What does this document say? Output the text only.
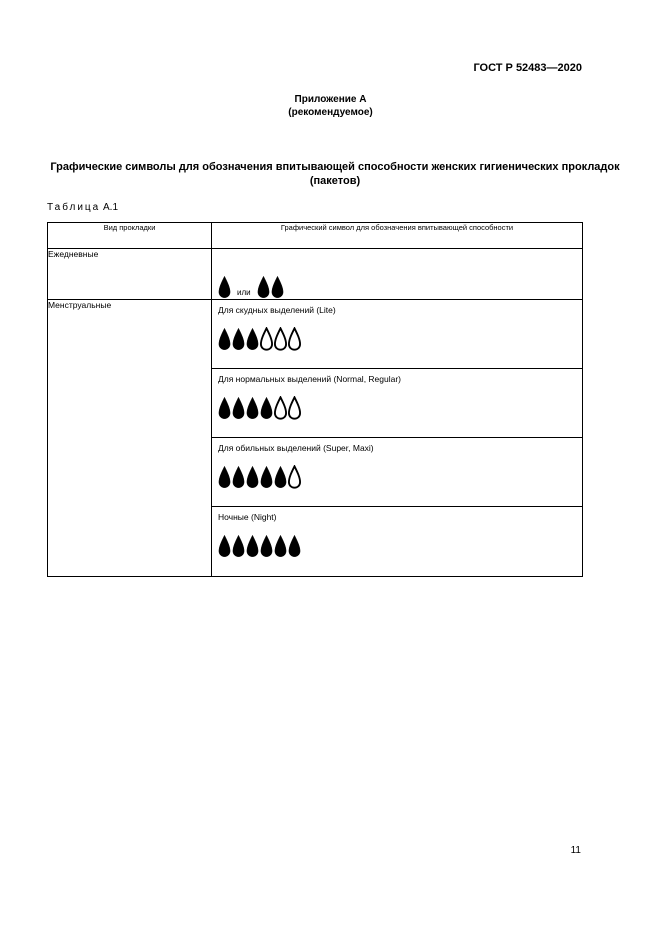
ГОСТ Р 52483—2020
Приложение А
(рекомендуемое)
Графические символы для обозначения впитывающей способности женских гигиенических прокладок (пакетов)
Таблица А.1
Вид прокладки	Графический символ для обозначения впитывающей способности
Ежедневные	или

Менструальные	Для скудных выделений (Lite)
Для нормальных выделений (Normal, Regular)
Для обильных выделений (Super, Maxi)
Ночные (Night)
11
